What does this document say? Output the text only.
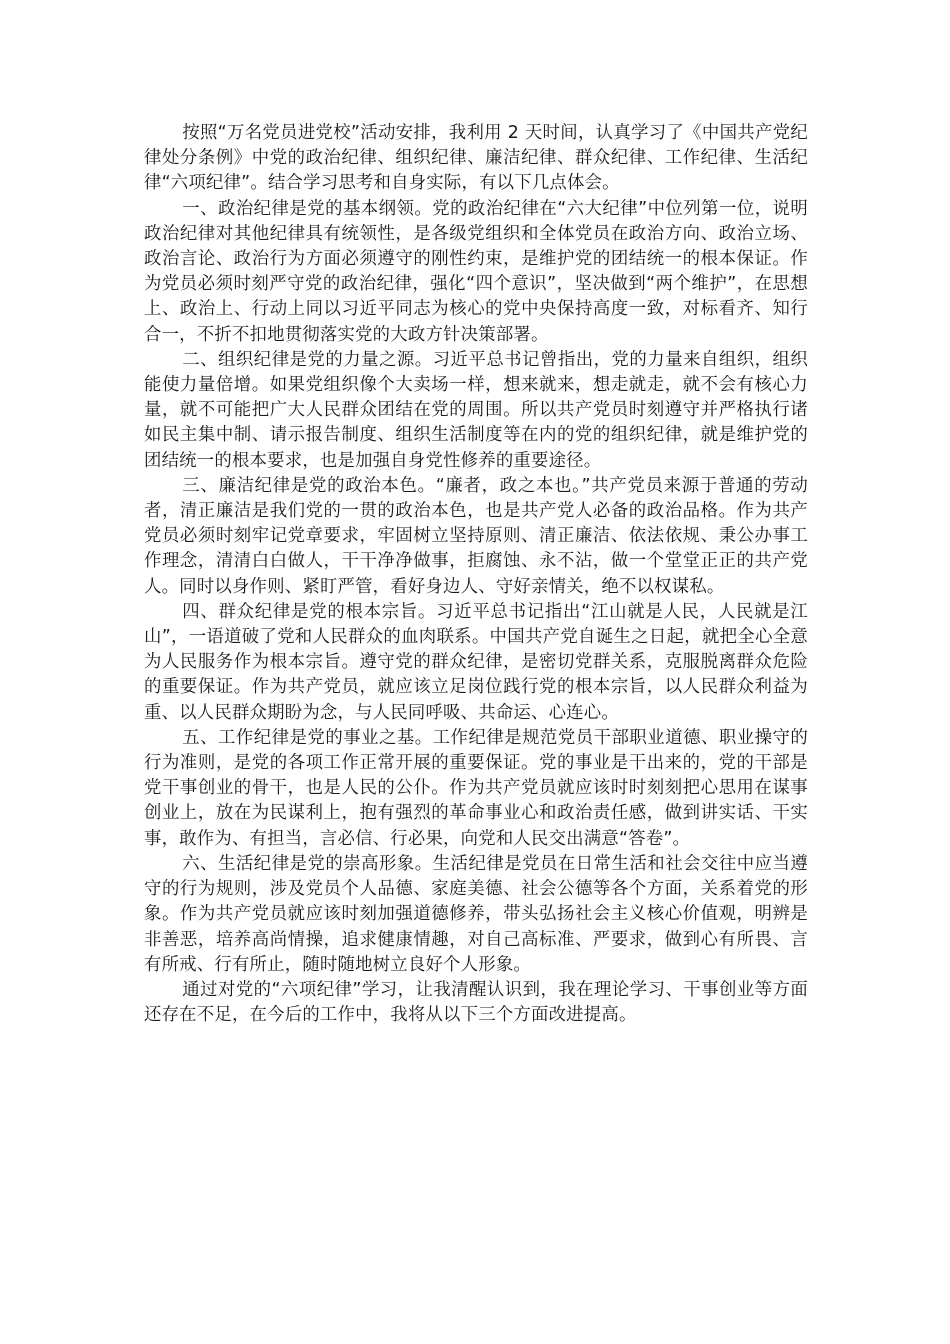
按照“万名党员进党校”活动安排，我利用 2 天时间，认真学习了《中国共产党纪律处分条例》中党的政治纪律、组织纪律、廉洁纪律、群众纪律、工作纪律、生活纪律“六项纪律”。结合学习思考和自身实际，有以下几点体会。

一、政治纪律是党的基本纲领。党的政治纪律在“六大纪律”中位列第一位，说明政治纪律对其他纪律具有统领性，是各级党组织和全体党员在政治方向、政治立场、政治言论、政治行为方面必须遵守的刚性约束，是维护党的团结统一的根本保证。作为党员必须时刻严守党的政治纪律，强化“四个意识”，坚决做到“两个维护”，在思想上、政治上、行动上同以习近平同志为核心的党中央保持高度一致，对标看齐、知行合一，不折不扣地贯彻落实党的大政方针决策部署。

二、组织纪律是党的力量之源。习近平总书记曾指出，党的力量来自组织，组织能使力量倍增。如果党组织像个大卖场一样，想来就来，想走就走，就不会有核心力量，就不可能把广大人民群众团结在党的周围。所以共产党员时刻遵守并严格执行诸如民主集中制、请示报告制度、组织生活制度等在内的党的组织纪律，就是维护党的团结统一的根本要求，也是加强自身党性修养的重要途径。

三、廉洁纪律是党的政治本色。“廉者，政之本也。”共产党员来源于普通的劳动者，清正廉洁是我们党的一贯的政治本色，也是共产党人必备的政治品格。作为共产党员必须时刻牢记党章要求，牢固树立坚持原则、清正廉洁、依法依规、秉公办事工作理念，清清白白做人，干干净净做事，拒腐蚀、永不沾，做一个堂堂正正的共产党人。同时以身作则、紧盯严管，看好身边人、守好亲情关，绝不以权谋私。

四、群众纪律是党的根本宗旨。习近平总书记指出“江山就是人民，人民就是江山”，一语道破了党和人民群众的血肉联系。中国共产党自诞生之日起，就把全心全意为人民服务作为根本宗旨。遵守党的群众纪律，是密切党群关系，克服脱离群众危险的重要保证。作为共产党员，就应该立足岗位践行党的根本宗旨，以人民群众利益为重、以人民群众期盼为念，与人民同呼吸、共命运、心连心。

五、工作纪律是党的事业之基。工作纪律是规范党员干部职业道德、职业操守的行为准则，是党的各项工作正常开展的重要保证。党的事业是干出来的，党的干部是党干事创业的骨干，也是人民的公仆。作为共产党员就应该时时刻刻把心思用在谋事创业上，放在为民谋利上，抱有强烈的革命事业心和政治责任感，做到讲实话、干实事，敢作为、有担当，言必信、行必果，向党和人民交出满意“答卷”。

六、生活纪律是党的崇高形象。生活纪律是党员在日常生活和社会交往中应当遵守的行为规则，涉及党员个人品德、家庭美德、社会公德等各个方面，关系着党的形象。作为共产党员就应该时刻加强道德修养，带头弘扬社会主义核心价值观，明辨是非善恶，培养高尚情操，追求健康情趣，对自己高标准、严要求，做到心有所畏、言有所戒、行有所止，随时随地树立良好个人形象。

通过对党的“六项纪律”学习，让我清醒认识到，我在理论学习、干事创业等方面还存在不足，在今后的工作中，我将从以下三个方面改进提高。
